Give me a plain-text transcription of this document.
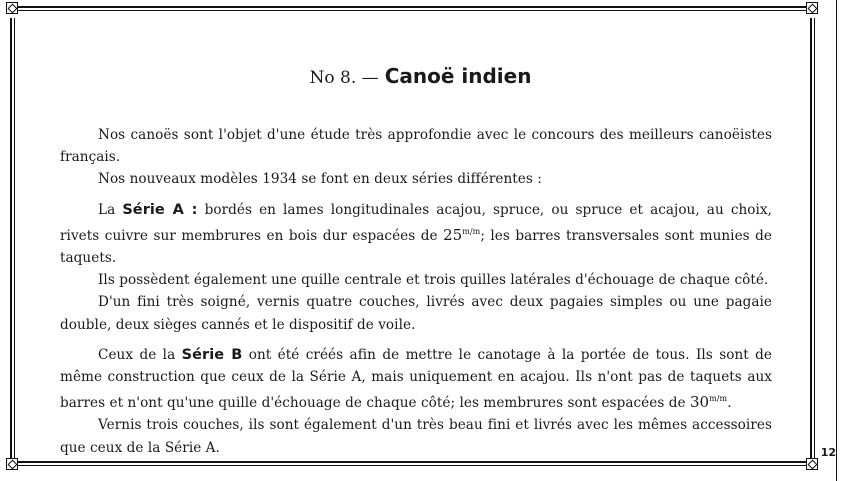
No 8. — Canoë indien

Nos canoës sont l'objet d'une étude très approfondie avec le concours des meilleurs canoëistes français.

Nos nouveaux modèles 1934 se font en deux séries différentes :

La Série A : bordés en lames longitudinales acajou, spruce, ou spruce et acajou, au choix, rivets cuivre sur membrures en bois dur espacées de $25^{m/m}$; les barres transversales sont munies de taquets.

Ils possèdent également une quille centrale et trois quilles latérales d'échouage de chaque côté.

D'un fini très soigné, vernis quatre couches, livrés avec deux pagaies simples ou une pagaie double, deux sièges cannés et le dispositif de voile.

Ceux de la Série B ont été créés afin de mettre le canotage à la portée de tous. Ils sont de même construction que ceux de la Série A, mais uniquement en acajou. Ils n'ont pas de taquets aux barres et n'ont qu'une quille d'échouage de chaque côté; les membrures sont espacées de $30^{m/m}$.

Vernis trois couches, ils sont également d'un très beau fini et livrés avec les mêmes accessoires que ceux de la Série A.	12
